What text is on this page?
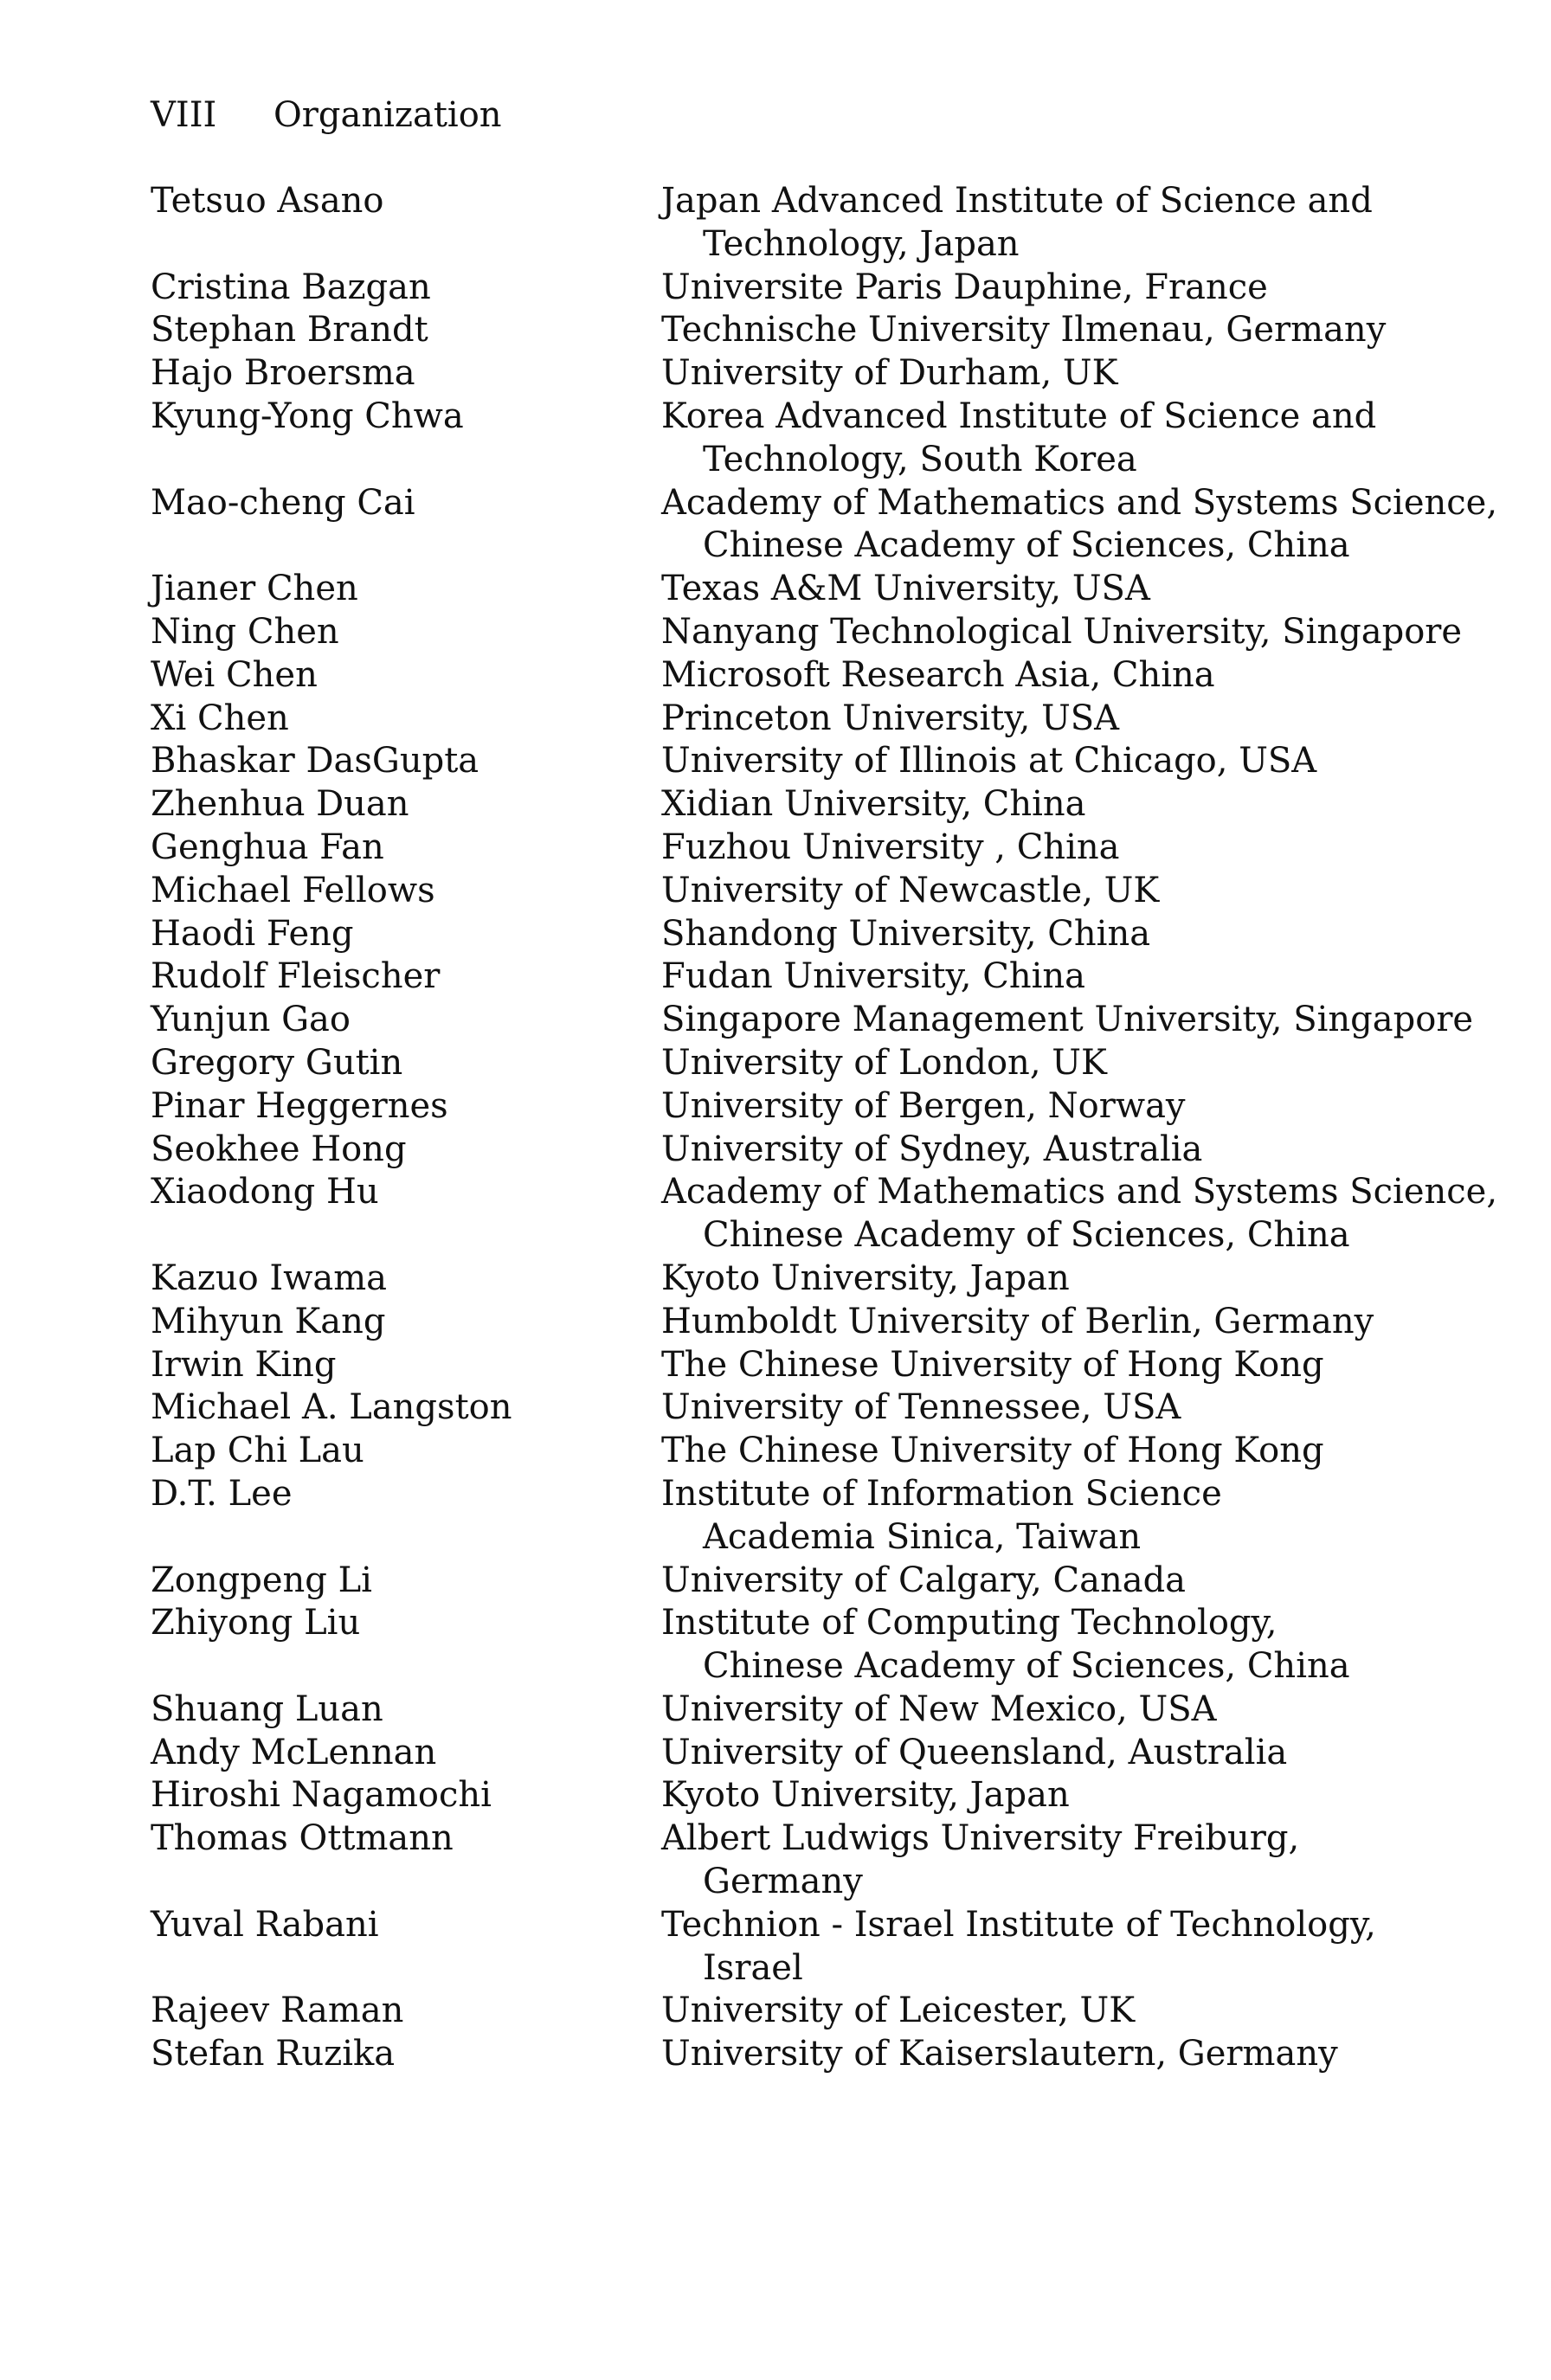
VIII Organization
Tetsuo Asano	Japan Advanced Institute of Science and
Technology, Japan
Cristina Bazgan	Universite Paris Dauphine, France
Stephan Brandt	Technische University Ilmenau, Germany
Hajo Broersma	University of Durham, UK
Kyung-Yong Chwa	Korea Advanced Institute of Science and
Technology, South Korea
Mao-cheng Cai	Academy of Mathematics and Systems Science,
Chinese Academy of Sciences, China
Jianer Chen	Texas A&M University, USA
Ning Chen	Nanyang Technological University, Singapore
Wei Chen	Microsoft Research Asia, China
Xi Chen	Princeton University, USA
Bhaskar DasGupta	University of Illinois at Chicago, USA
Zhenhua Duan	Xidian University, China
Genghua Fan	Fuzhou University , China
Michael Fellows	University of Newcastle, UK
Haodi Feng	Shandong University, China
Rudolf Fleischer	Fudan University, China
Yunjun Gao	Singapore Management University, Singapore
Gregory Gutin	University of London, UK
Pinar Heggernes	University of Bergen, Norway
Seokhee Hong	University of Sydney, Australia
Xiaodong Hu	Academy of Mathematics and Systems Science,
Chinese Academy of Sciences, China
Kazuo Iwama	Kyoto University, Japan
Mihyun Kang	Humboldt University of Berlin, Germany
Irwin King	The Chinese University of Hong Kong
Michael A. Langston	University of Tennessee, USA
Lap Chi Lau	The Chinese University of Hong Kong
D.T. Lee	Institute of Information Science
Academia Sinica, Taiwan
Zongpeng Li	University of Calgary, Canada
Zhiyong Liu	Institute of Computing Technology,
Chinese Academy of Sciences, China
Shuang Luan	University of New Mexico, USA
Andy McLennan	University of Queensland, Australia
Hiroshi Nagamochi	Kyoto University, Japan
Thomas Ottmann	Albert Ludwigs University Freiburg,
Germany
Yuval Rabani	Technion - Israel Institute of Technology,
Israel
Rajeev Raman	University of Leicester, UK
Stefan Ruzika	University of Kaiserslautern, Germany
